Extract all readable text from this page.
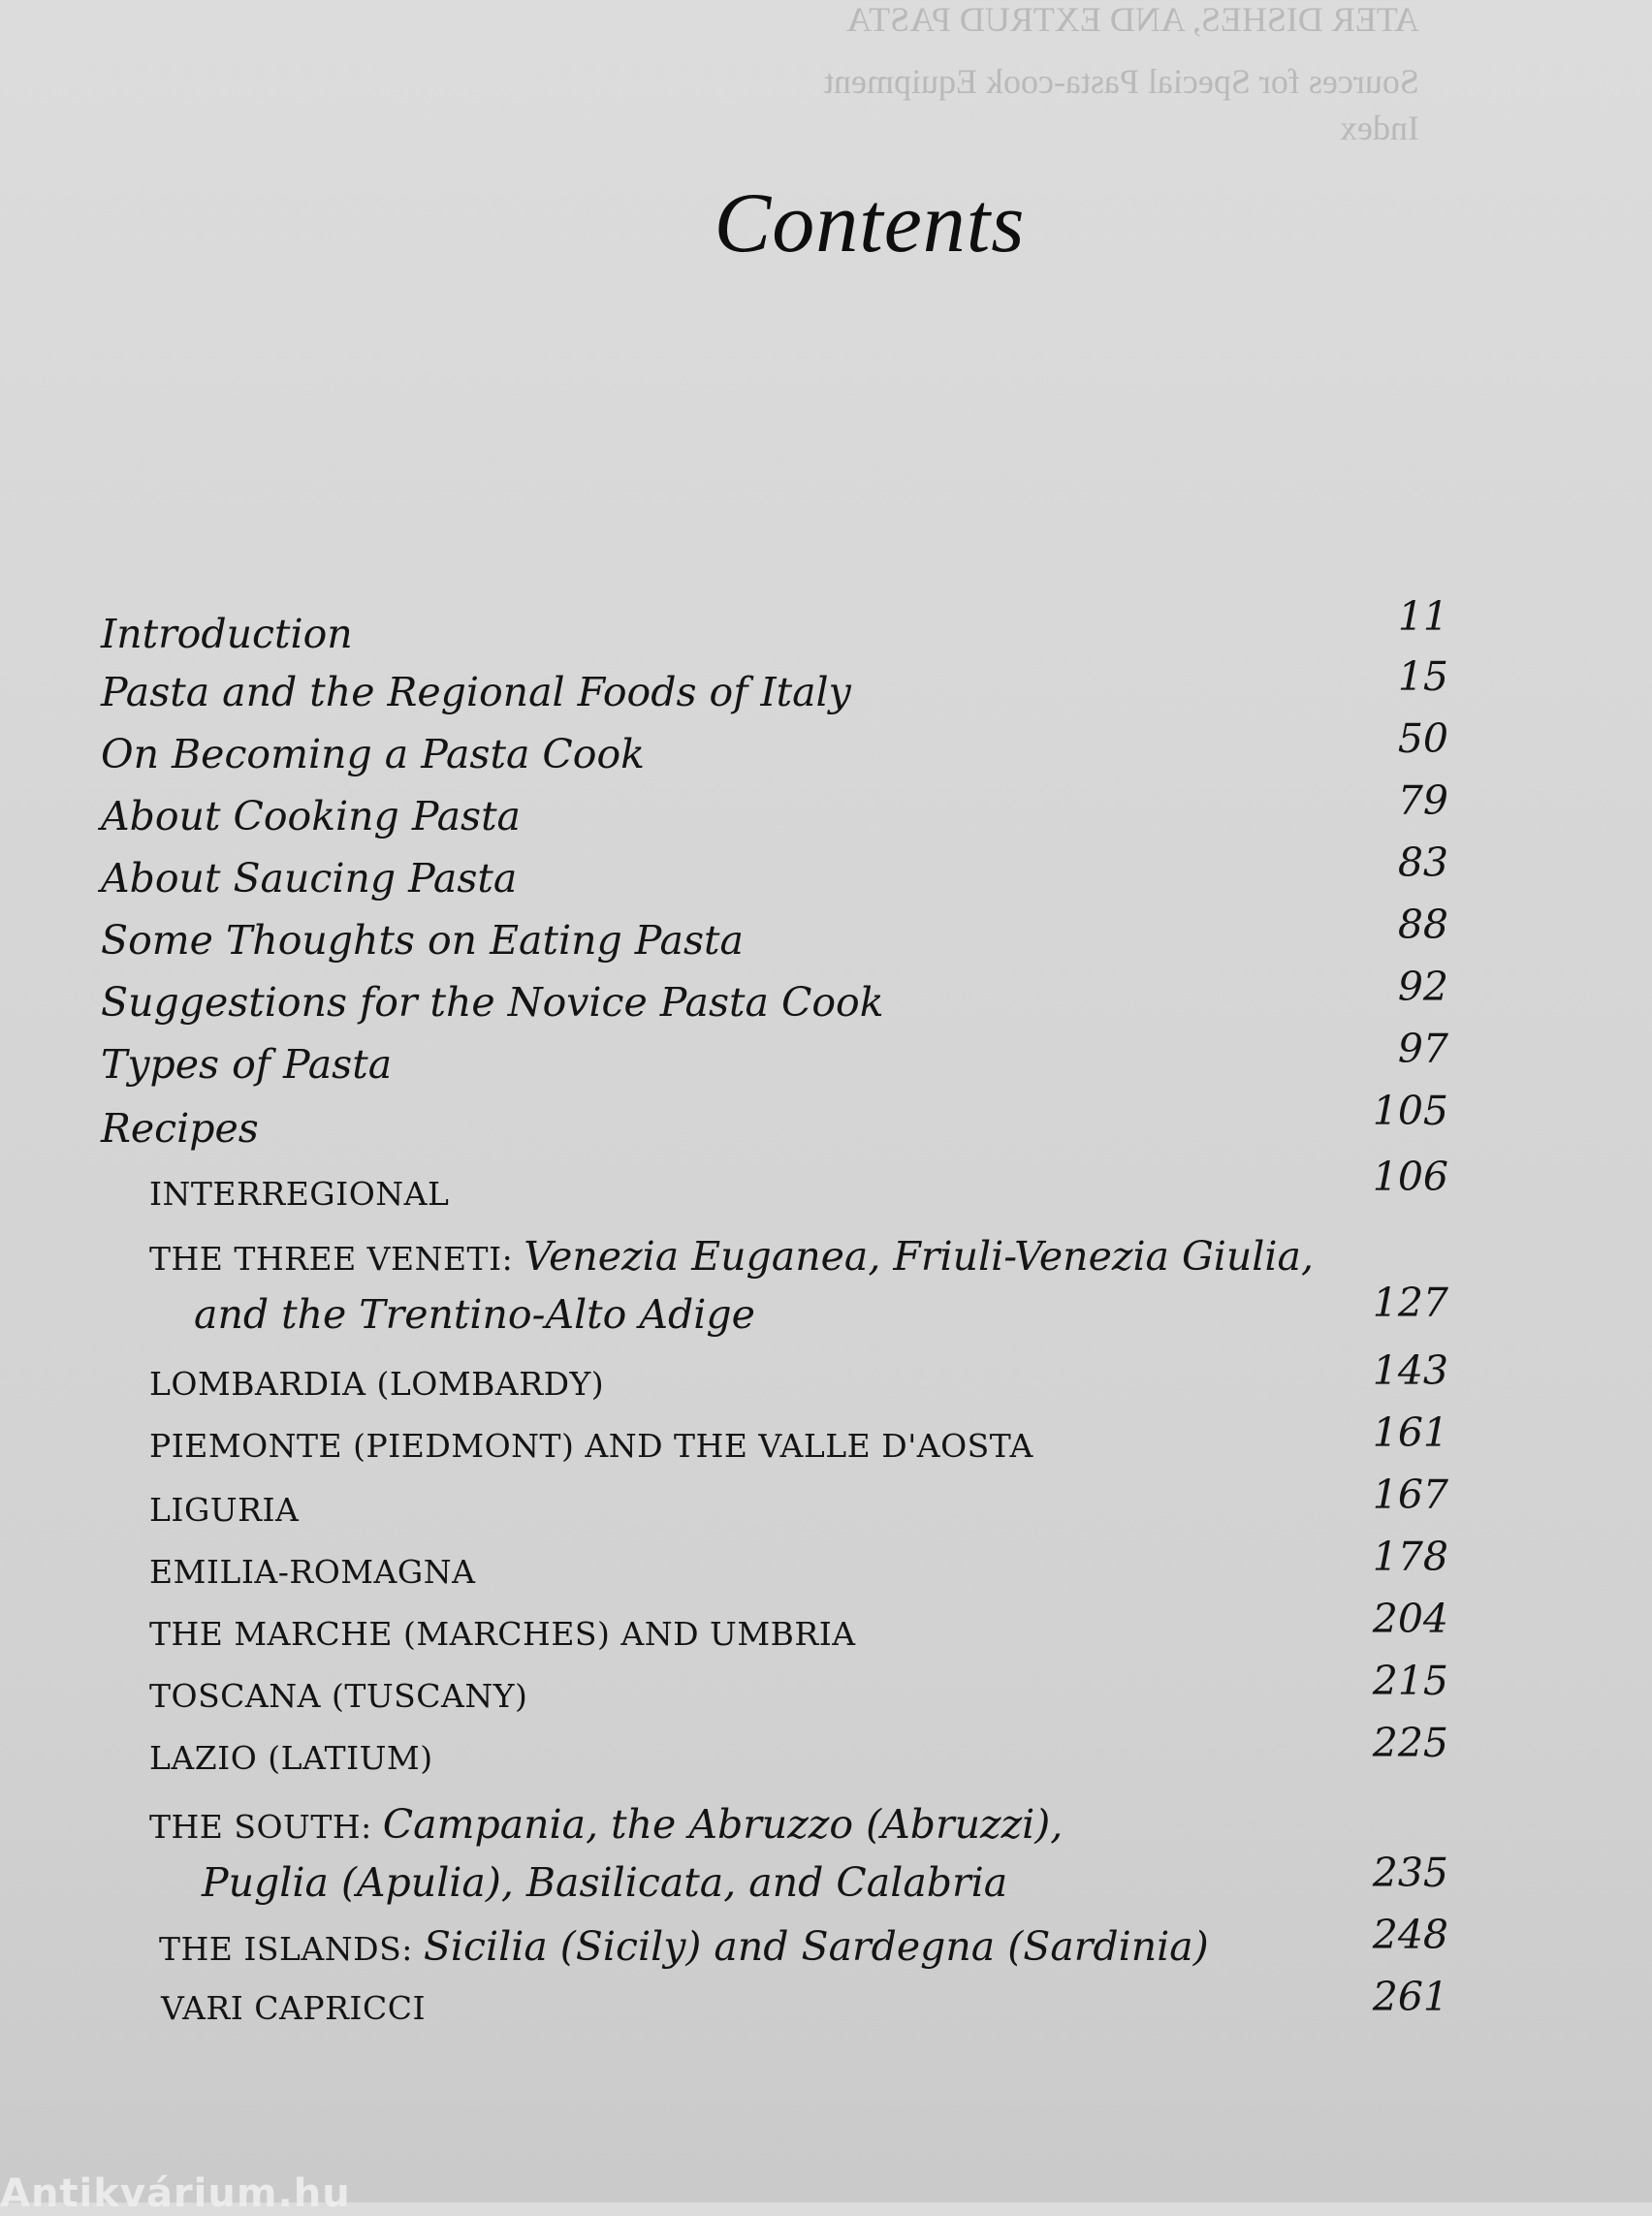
ATER DISHES, AND EXTRUD PASTA
Sources for Special Pasta-cook Equipment
Index
Contents
Introduction	11
Pasta and the Regional Foods of Italy	15
On Becoming a Pasta Cook	50
About Cooking Pasta	79
About Saucing Pasta	83
Some Thoughts on Eating Pasta	88
Suggestions for the Novice Pasta Cook	92
Types of Pasta	97
Recipes	105
INTERREGIONAL	106
THE THREE VENETI: Venezia Euganea, Friuli-Venezia Giulia,
and the Trentino-Alto Adige	127
LOMBARDIA (LOMBARDY)	143
PIEMONTE (PIEDMONT) AND THE VALLE D'AOSTA	161
LIGURIA	167
EMILIA-ROMAGNA	178
THE MARCHE (MARCHES) AND UMBRIA	204
TOSCANA (TUSCANY)	215
LAZIO (LATIUM)	225
THE SOUTH: Campania, the Abruzzo (Abruzzi),
Puglia (Apulia), Basilicata, and Calabria	235
THE ISLANDS: Sicilia (Sicily) and Sardegna (Sardinia)	248
VARI CAPRICCI	261
Antikvárium.hu
